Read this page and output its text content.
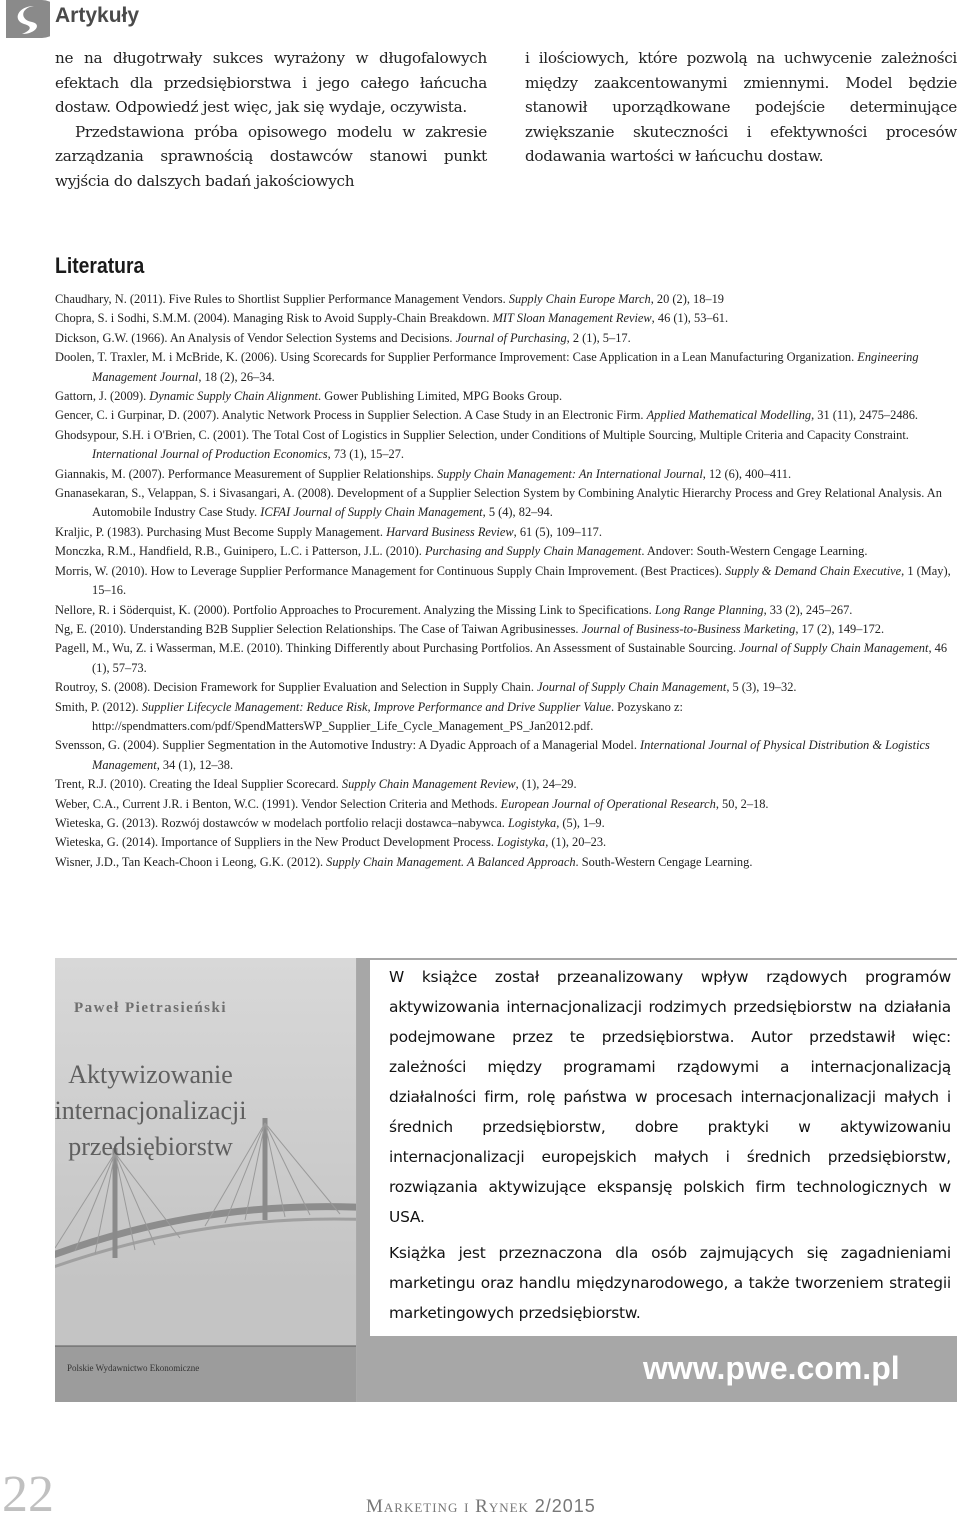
Artykuły

ne na długotrwały sukces wyrażony w długofalowych efektach dla przedsiębiorstwa i jego całego łańcucha dostaw. Odpowiedź jest więc, jak się wydaje, oczywista.

Przedstawiona próba opisowego modelu w zakresie zarządzania sprawnością dostawców stanowi punkt wyjścia do dalszych badań jakościowych

i ilościowych, które pozwolą na uchwycenie zależności między zaakcentowanymi zmiennymi. Model będzie stanowił uporządkowane podejście determinujące zwiększanie skuteczności i efektywności procesów dodawania wartości w łańcuchu dostaw.

Literatura
Chaudhary, N. (2011). Five Rules to Shortlist Supplier Performance Management Vendors. Supply Chain Europe March, 20 (2), 18–19
Chopra, S. i Sodhi, S.M.M. (2004). Managing Risk to Avoid Supply-Chain Breakdown. MIT Sloan Management Review, 46 (1), 53–61.
Dickson, G.W. (1966). An Analysis of Vendor Selection Systems and Decisions. Journal of Purchasing, 2 (1), 5–17.
Doolen, T. Traxler, M. i McBride, K. (2006). Using Scorecards for Supplier Performance Improvement: Case Application in a Lean Manufacturing Organization. Engineering Management Journal, 18 (2), 26–34.
Gattorn, J. (2009). Dynamic Supply Chain Alignment. Gower Publishing Limited, MPG Books Group.
Gencer, C. i Gurpinar, D. (2007). Analytic Network Process in Supplier Selection. A Case Study in an Electronic Firm. Applied Mathematical Modelling, 31 (11), 2475–2486.
Ghodsypour, S.H. i O'Brien, C. (2001). The Total Cost of Logistics in Supplier Selection, under Conditions of Multiple Sourcing, Multiple Criteria and Capacity Constraint. International Journal of Production Economics, 73 (1), 15–27.
Giannakis, M. (2007). Performance Measurement of Supplier Relationships. Supply Chain Management: An International Journal, 12 (6), 400–411.
Gnanasekaran, S., Velappan, S. i Sivasangari, A. (2008). Development of a Supplier Selection System by Combining Analytic Hierarchy Process and Grey Relational Analysis. An Automobile Industry Case Study. ICFAI Journal of Supply Chain Management, 5 (4), 82–94.
Kraljic, P. (1983). Purchasing Must Become Supply Management. Harvard Business Review, 61 (5), 109–117.
Monczka, R.M., Handfield, R.B., Guinipero, L.C. i Patterson, J.L. (2010). Purchasing and Supply Chain Management. Andover: South-Western Cengage Learning.
Morris, W. (2010). How to Leverage Supplier Performance Management for Continuous Supply Chain Improvement. (Best Practices). Supply & Demand Chain Executive, 1 (May), 15–16.
Nellore, R. i Söderquist, K. (2000). Portfolio Approaches to Procurement. Analyzing the Missing Link to Specifications. Long Range Planning, 33 (2), 245–267.
Ng, E. (2010). Understanding B2B Supplier Selection Relationships. The Case of Taiwan Agribusinesses. Journal of Business-to-Business Marketing, 17 (2), 149–172.
Pagell, M., Wu, Z. i Wasserman, M.E. (2010). Thinking Differently about Purchasing Portfolios. An Assessment of Sustainable Sourcing. Journal of Supply Chain Management, 46 (1), 57–73.
Routroy, S. (2008). Decision Framework for Supplier Evaluation and Selection in Supply Chain. Journal of Supply Chain Management, 5 (3), 19–32.
Smith, P. (2012). Supplier Lifecycle Management: Reduce Risk, Improve Performance and Drive Supplier Value. Pozyskano z: http://spendmatters.com/pdf/SpendMattersWP_Supplier_Life_Cycle_Management_PS_Jan2012.pdf.
Svensson, G. (2004). Supplier Segmentation in the Automotive Industry: A Dyadic Approach of a Managerial Model. International Journal of Physical Distribution & Logistics Management, 34 (1), 12–38.
Trent, R.J. (2010). Creating the Ideal Supplier Scorecard. Supply Chain Management Review, (1), 24–29.
Weber, C.A., Current J.R. i Benton, W.C. (1991). Vendor Selection Criteria and Methods. European Journal of Operational Research, 50, 2–18.
Wieteska, G. (2013). Rozwój dostawców w modelach portfolio relacji dostawca–nabywca. Logistyka, (5), 1–9.
Wieteska, G. (2014). Importance of Suppliers in the New Product Development Process. Logistyka, (1), 20–23.
Wisner, J.D., Tan Keach-Choon i Leong, G.K. (2012). Supply Chain Management. A Balanced Approach. South-Western Cengage Learning.
Paweł Pietrasieński
Aktywizowanie
internacjonalizacji
przedsiębiorstw
Polskie Wydawnictwo Ekonomiczne

W książce został przeanalizowany wpływ rządowych programów aktywizowania internacjonalizacji rodzimych przedsiębiorstw na działania podejmowane przez te przedsiębiorstwa. Autor przedstawił więc: zależności między programami rządowymi a internacjonalizacją działalności firm, rolę państwa w procesach internacjonalizacji małych i średnich przedsiębiorstw, dobre praktyki w aktywizowaniu internacjonalizacji europejskich małych i średnich przedsiębiorstw, rozwiązania aktywizujące ekspansję polskich firm technologicznych w USA.

Książka jest przeznaczona dla osób zajmujących się zagadnieniami marketingu oraz handlu międzynarodowego, a także tworzeniem strategii marketingowych przedsiębiorstw.

www.pwe.com.pl
22	Marketing i Rynek 2/2015
